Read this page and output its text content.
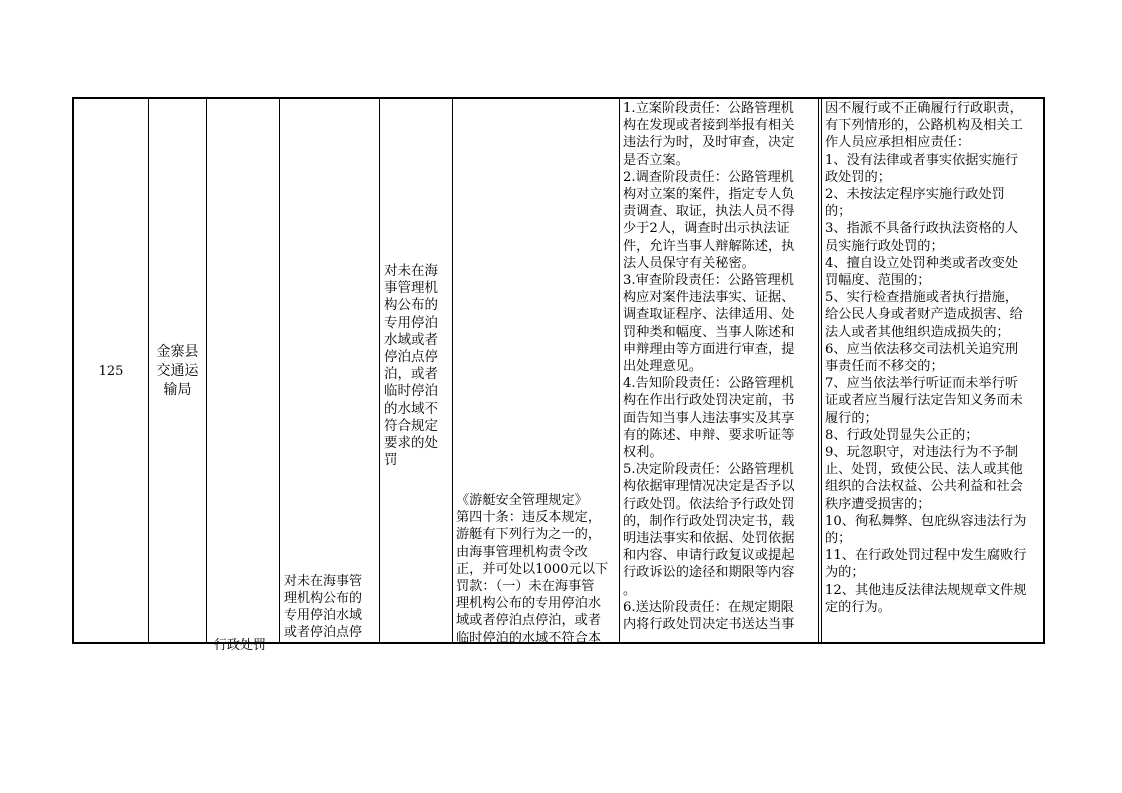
125
金寨县
交通运
输局
行政处罚
对未在海事管
理机构公布的
专用停泊水域
或者停泊点停
对未在海
事管理机
构公布的
专用停泊
水域或者
停泊点停
泊，或者
临时停泊
的水域不
符合规定
要求的处
罚
《游艇安全管理规定》
第四十条：违反本规定，
游艇有下列行为之一的，
由海事管理机构责令改
正，并可处以1000元以下
罚款：（一）未在海事管
理机构公布的专用停泊水
域或者停泊点停泊，或者
临时停泊的水域不符合本
1.立案阶段责任：公路管理机
构在发现或者接到举报有相关
违法行为时，及时审查，决定
是否立案。
2.调查阶段责任：公路管理机
构对立案的案件，指定专人负
责调查、取证，执法人员不得
少于2人，调查时出示执法证
件，允许当事人辩解陈述，执
法人员保守有关秘密。
3.审查阶段责任：公路管理机
构应对案件违法事实、证据、
调查取证程序、法律适用、处
罚种类和幅度、当事人陈述和
申辩理由等方面进行审查，提
出处理意见。
4.告知阶段责任：公路管理机
构在作出行政处罚决定前，书
面告知当事人违法事实及其享
有的陈述、申辩、要求听证等
权利。
5.决定阶段责任：公路管理机
构依据审理情况决定是否予以
行政处罚。依法给予行政处罚
的，制作行政处罚决定书，载
明违法事实和依据、处罚依据
和内容、申请行政复议或提起
行政诉讼的途径和期限等内容
。
6.送达阶段责任：在规定期限
内将行政处罚决定书送达当事
因不履行或不正确履行行政职责，
有下列情形的，公路机构及相关工
作人员应承担相应责任：
1、没有法律或者事实依据实施行
政处罚的；
2、未按法定程序实施行政处罚
的；
3、指派不具备行政执法资格的人
员实施行政处罚的；
4、擅自设立处罚种类或者改变处
罚幅度、范围的；
5、实行检查措施或者执行措施，
给公民人身或者财产造成损害、给
法人或者其他组织造成损失的；
6、应当依法移交司法机关追究刑
事责任而不移交的；
7、应当依法举行听证而未举行听
证或者应当履行法定告知义务而未
履行的；
8、行政处罚显失公正的；
9、玩忽职守，对违法行为不予制
止、处罚，致使公民、法人或其他
组织的合法权益、公共利益和社会
秩序遭受损害的；
10、徇私舞弊、包庇纵容违法行为
的；
11、在行政处罚过程中发生腐败行
为的；
12、其他违反法律法规规章文件规
定的行为。
